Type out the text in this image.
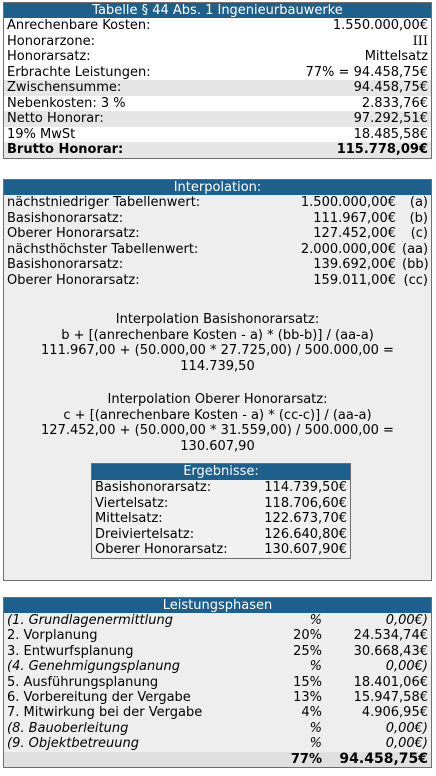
Tabelle § 44 Abs. 1 Ingenieurbauwerke
Anrechenbare Kosten:	1.550.000,00€
Honorarzone:	III
Honorarsatz:	Mittelsatz
Erbrachte Leistungen:	77% = 94.458,75€
Zwischensumme:	94.458,75€
Nebenkosten: 3 %	2.833,76€
Netto Honorar:	97.292,51€
19% MwSt	18.485,58€
Brutto Honorar:	115.778,09€
Interpolation:
nächstniedriger Tabellenwert:	1.500.000,00€	(a)
Basishonorarsatz:	111.967,00€	(b)
Oberer Honorarsatz:	127.452,00€	(c)
nächsthöchster Tabellenwert:	2.000.000,00€ (aa)
Basishonorarsatz:	139.692,00€ (bb)
Oberer Honorarsatz:	159.011,00€ (cc)
Interpolation Basishonorarsatz:
b + [(anrechenbare Kosten - a) * (bb-b)] / (aa-a)
111.967,00 + (50.000,00 * 27.725,00) / 500.000,00 =
114.739,50
Interpolation Oberer Honorarsatz:
c + [(anrechenbare Kosten - a) * (cc-c)] / (aa-a)
127.452,00 + (50.000,00 * 31.559,00) / 500.000,00 =
130.607,90
Ergebnisse:
Basishonorarsatz:	114.739,50€
Viertelsatz:	118.706,60€
Mittelsatz:	122.673,70€
Dreiviertelsatz:	126.640,80€
Oberer Honorarsatz:	130.607,90€
Leistungsphasen
(1. Grundlagenermittlung	%	0,00€)
2. Vorplanung	20%	24.534,74€
3. Entwurfsplanung	25%	30.668,43€
(4. Genehmigungsplanung	%	0,00€)
5. Ausführungsplanung	15%	18.401,06€
6. Vorbereitung der Vergabe	13%	15.947,58€
7. Mitwirkung bei der Vergabe	4%	4.906,95€
(8. Bauoberleitung	%	0,00€)
(9. Objektbetreuung	%	0,00€)
77%	94.458,75€
